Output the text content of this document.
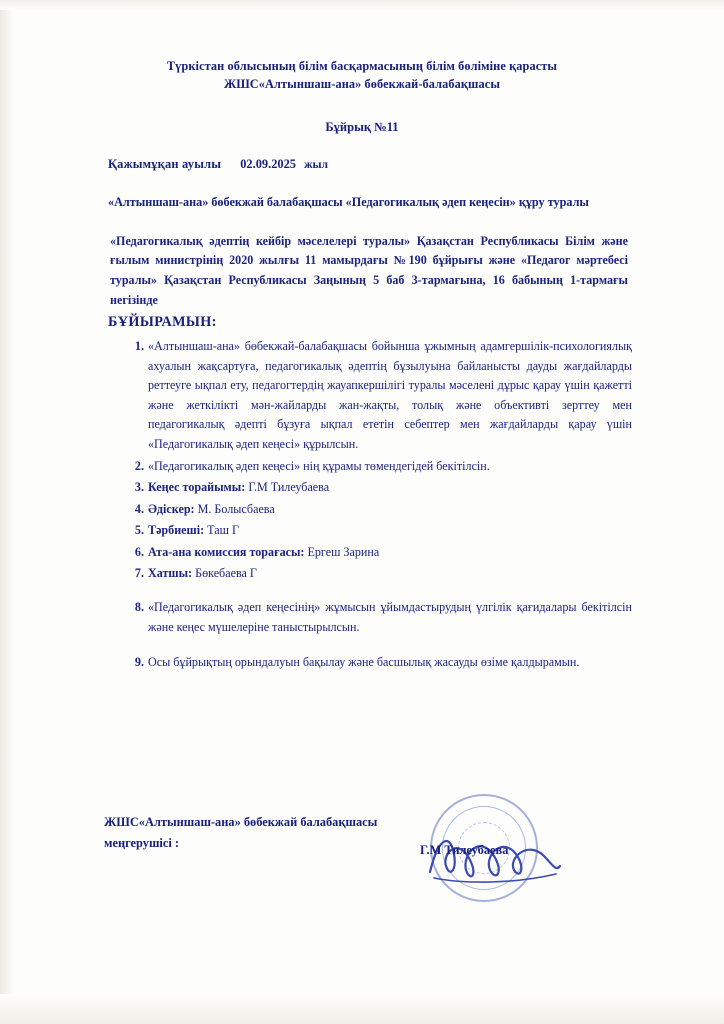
Түркістан облысының білім басқармасының білім бөліміне қарасты
ЖШС«Алтыншаш-ана» бөбекжай-балабақшасы
Бұйрық №11
Қажымұқан ауылы 02.09.2025 жыл
«Алтыншаш-ана» бөбекжай балабақшасы «Педагогикалық әдеп кеңесін» құру туралы
«Педагогикалық әдептің кейбір мәселелері туралы» Қазақстан Республикасы Білім және ғылым министрінің 2020 жылғы 11 мамырдағы №190 бұйрығы және «Педагог мәртебесі туралы» Қазақстан Республикасы Заңының 5 баб 3-тармағына, 16 бабының 1-тармағы негізінде
БҰЙЫРАМЫН:
1. «Алтыншаш-ана» бөбекжай-балабақшасы бойынша ұжымның адамгершілік-психологиялық ахуалын жақсартуға, педагогикалық әдептің бұзылуына байланысты дауды жағдайларды реттеуге ықпал ету, педагогтердің жауапкершілігі туралы мәселені дұрыс қарау үшін қажетті және жеткілікті мән-жайларды жан-жақты, толық және объективті зерттеу мен педагогикалық әдепті бұзуға ықпал ететін себептер мен жағдайларды қарау үшін «Педагогикалық әдеп кеңесі» құрылсын.
2. «Педагогикалық әдеп кеңесі» нің құрамы төмендегідей бекітілсін.
3. Кеңес торайымы: Г.М Тилеубаева
4. Әдіскер: М. Болысбаева
5. Тәрбиеші: Таш Г
6. Ата-ана комиссия торағасы: Ергеш Зарина
7. Хатшы: Бөкебаева Г
8. «Педагогикалық әдеп кеңесінің» жұмысын ұйымдастырудың үлгілік қағидалары бекітілсін және кеңес мүшелеріне таныстырылсын.
9. Осы бұйрықтың орындалуын бақылау және басшылық жасауды өзіме қалдырамын.
ЖШС«Алтыншаш-ана» бөбекжай балабақшасы
меңгерушісі :	Г.М Тилеубаева
